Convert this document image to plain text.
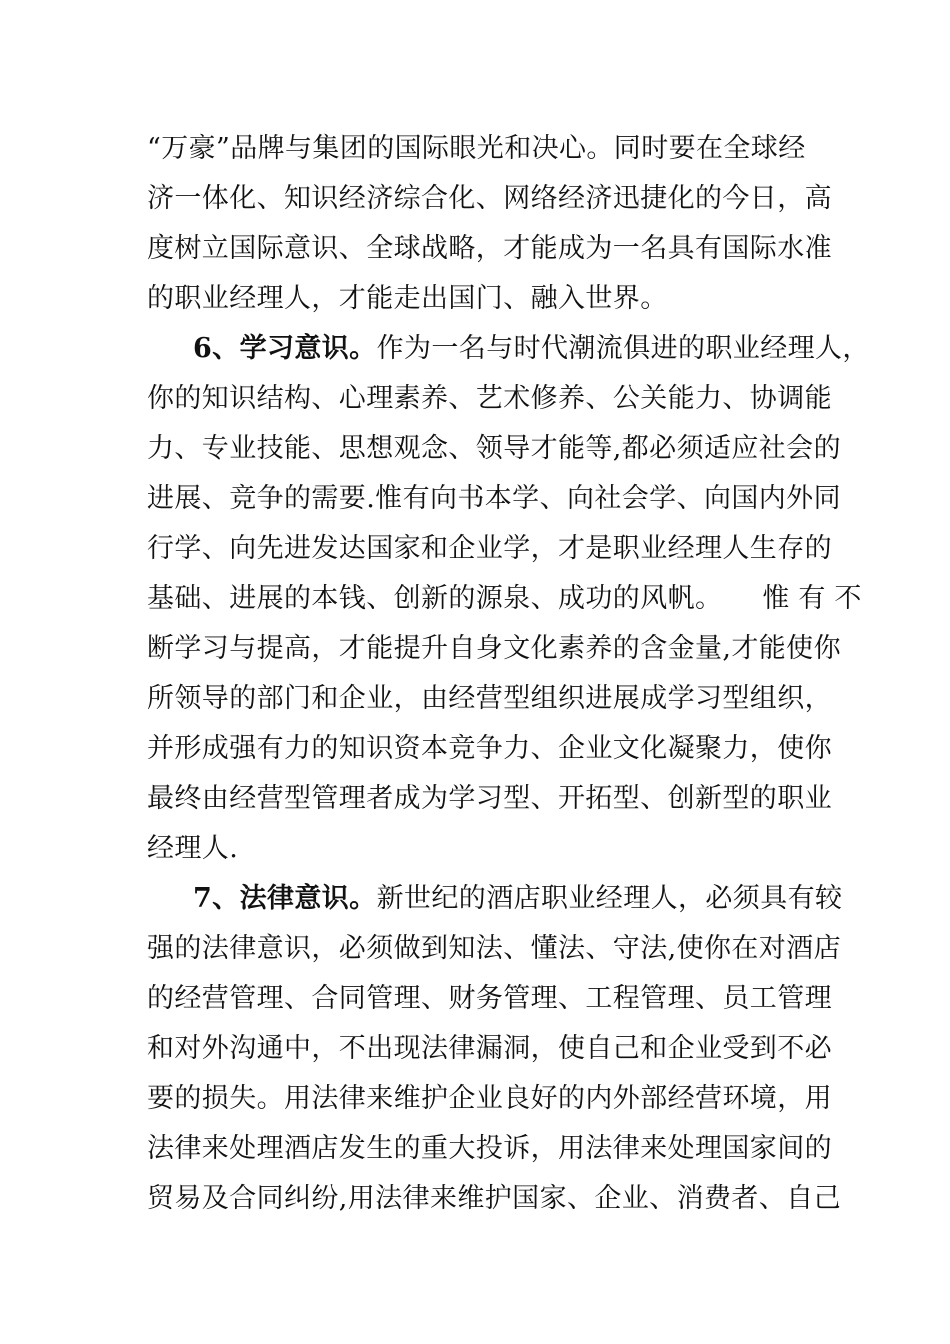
“万豪”品牌与集团的国际眼光和决心。同时要在全球经
济一体化、知识经济综合化、网络经济迅捷化的今日，高
度树立国际意识、全球战略，才能成为一名具有国际水准
的职业经理人，才能走出国门、融入世界。
6、学习意识。作为一名与时代潮流俱进的职业经理人，
你的知识结构、心理素养、艺术修养、公关能力、协调能
力、专业技能、思想观念、领导才能等,都必须适应社会的
进展、竞争的需要.惟有向书本学、向社会学、向国内外同
行学、向先进发达国家和企业学，才是职业经理人生存的
基础、进展的本钱、创新的源泉、成功的风帆。 惟有不
断学习与提高，才能提升自身文化素养的含金量,才能使你
所领导的部门和企业，由经营型组织进展成学习型组织，
并形成强有力的知识资本竞争力、企业文化凝聚力，使你
最终由经营型管理者成为学习型、开拓型、创新型的职业
经理人.
7、法律意识。新世纪的酒店职业经理人，必须具有较
强的法律意识，必须做到知法、懂法、守法,使你在对酒店
的经营管理、合同管理、财务管理、工程管理、员工管理
和对外沟通中，不出现法律漏洞，使自己和企业受到不必
要的损失。用法律来维护企业良好的内外部经营环境，用
法律来处理酒店发生的重大投诉，用法律来处理国家间的
贸易及合同纠纷,用法律来维护国家、企业、消费者、自己
